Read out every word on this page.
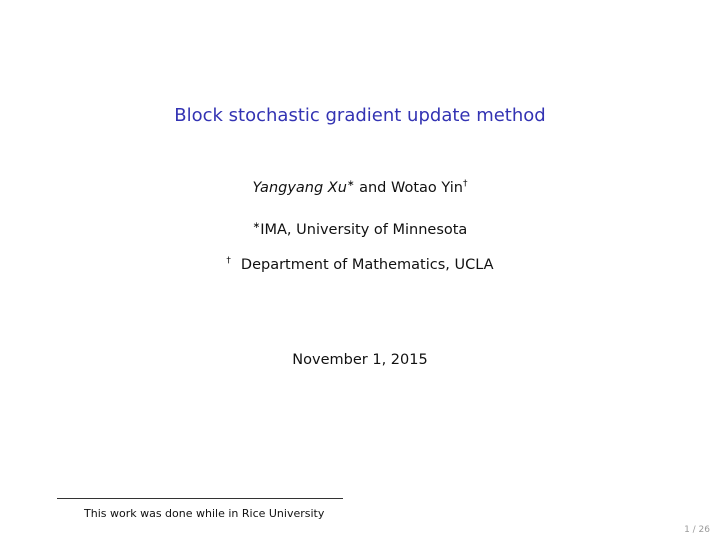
Block stochastic gradient update method
Yangyang Xu∗ and Wotao Yin†
∗IMA, University of Minnesota
† Department of Mathematics, UCLA
November 1, 2015
This work was done while in Rice University
1 / 26
